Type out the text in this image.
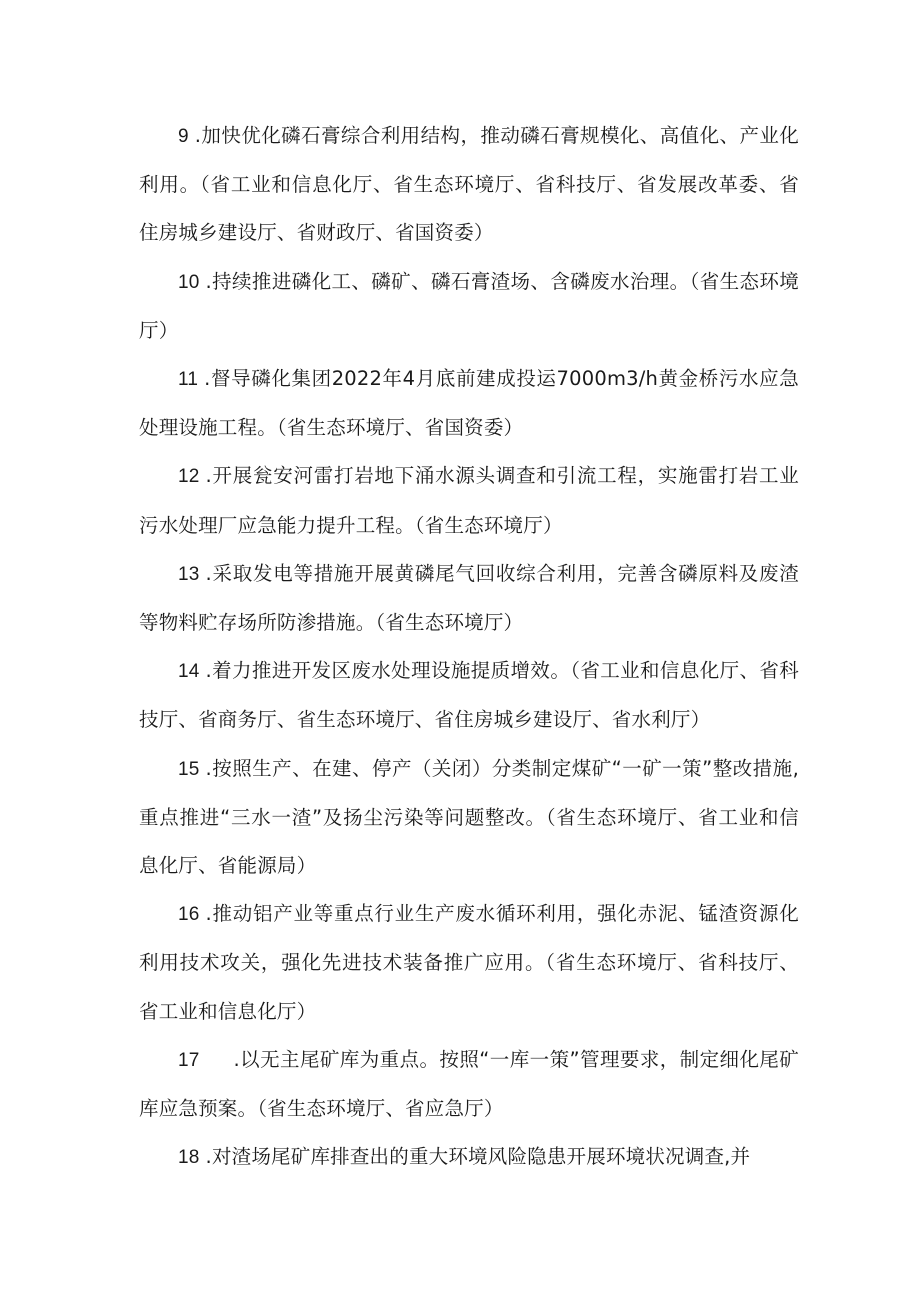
9 .加快优化磷石膏综合利用结构，推动磷石膏规模化、高值化、产业化利用。（省工业和信息化厅、省生态环境厅、省科技厅、省发展改革委、省住房城乡建设厅、省财政厅、省国资委）

10 .持续推进磷化工、磷矿、磷石膏渣场、含磷废水治理。（省生态环境厅）

11 .督导磷化集团2022年4月底前建成投运7000m3/h黄金桥污水应急处理设施工程。（省生态环境厅、省国资委）

12 .开展瓮安河雷打岩地下涌水源头调查和引流工程，实施雷打岩工业污水处理厂应急能力提升工程。（省生态环境厅）

13 .采取发电等措施开展黄磷尾气回收综合利用，完善含磷原料及废渣等物料贮存场所防渗措施。（省生态环境厅）

14 .着力推进开发区废水处理设施提质增效。（省工业和信息化厅、省科技厅、省商务厅、省生态环境厅、省住房城乡建设厅、省水利厅）

15 .按照生产、在建、停产（关闭）分类制定煤矿“一矿一策”整改措施,重点推进“三水一渣”及扬尘污染等问题整改。（省生态环境厅、省工业和信息化厅、省能源局）

16 .推动铝产业等重点行业生产废水循环利用，强化赤泥、锰渣资源化利用技术攻关，强化先进技术装备推广应用。（省生态环境厅、省科技厅、省工业和信息化厅）

17 .以无主尾矿库为重点。按照“一库一策”管理要求，制定细化尾矿库应急预案。（省生态环境厅、省应急厅）

18 .对渣场尾矿库排查出的重大环境风险隐患开展环境状况调查,并
